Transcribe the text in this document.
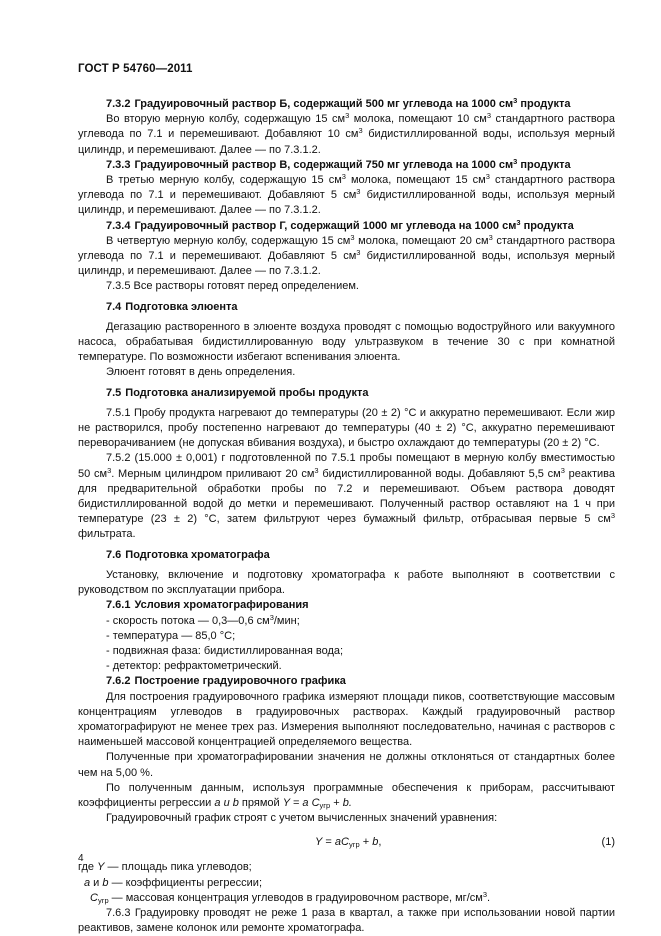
ГОСТ Р 54760—2011

7.3.2 Градуировочный раствор Б, содержащий 500 мг углевода на 1000 $см^3$ продукта

Во вторую мерную колбу, содержащую 15 $см^3$ молока, помещают 10 $см^3$ стандартного раствора углевода по 7.1 и перемешивают. Добавляют 10 $см^3$ бидистиллированной воды, используя мерный цилиндр, и перемешивают. Далее — по 7.3.1.2.

7.3.3 Градуировочный раствор В, содержащий 750 мг углевода на 1000 $см^3$ продукта

В третью мерную колбу, содержащую 15 $см^3$ молока, помещают 15 $см^3$ стандартного раствора углевода по 7.1 и перемешивают. Добавляют 5 $см^3$ бидистиллированной воды, используя мерный цилиндр, и перемешивают. Далее — по 7.3.1.2.

7.3.4 Градуировочный раствор Г, содержащий 1000 мг углевода на 1000 $см^3$ продукта

В четвертую мерную колбу, содержащую 15 $см^3$ молока, помещают 20 $см^3$ стандартного раствора углевода по 7.1 и перемешивают. Добавляют 5 $см^3$ бидистиллированной воды, используя мерный цилиндр, и перемешивают. Далее — по 7.3.1.2.

7.3.5 Все растворы готовят перед определением.

7.4 Подготовка элюента

Дегазацию растворенного в элюенте воздуха проводят с помощью водоструйного или вакуумного насоса, обрабатывая бидистиллированную воду ультразвуком в течение 30 с при комнатной температуре. По возможности избегают вспенивания элюента.

Элюент готовят в день определения.

7.5 Подготовка анализируемой пробы продукта

7.5.1 Пробу продукта нагревают до температуры (20 ± 2) °С и аккуратно перемешивают. Если жир не растворился, пробу постепенно нагревают до температуры (40 ± 2) °С, аккуратно перемешивают переворачиванием (не допуская вбивания воздуха), и быстро охлаждают до температуры (20 ± 2) °С.

7.5.2 (15.000 ± 0,001) г подготовленной по 7.5.1 пробы помещают в мерную колбу вместимостью 50 $см^3$. Мерным цилиндром приливают 20 $см^3$ бидистиллированной воды. Добавляют 5,5 $см^3$ реактива для предварительной обработки пробы по 7.2 и перемешивают. Объем раствора доводят бидистиллированной водой до метки и перемешивают. Полученный раствор оставляют на 1 ч при температуре (23 ± 2) °С, затем фильтруют через бумажный фильтр, отбрасывая первые 5 $см^3$ фильтрата.

7.6 Подготовка хроматографа

Установку, включение и подготовку хроматографа к работе выполняют в соответствии с руководством по эксплуатации прибора.

7.6.1 Условия хроматографирования

- скорость потока — 0,3—0,6 $см^3$/мин;

- температура — 85,0 °С;

- подвижная фаза: бидистиллированная вода;

- детектор: рефрактометрический.

7.6.2 Построение градуировочного графика

Для построения градуировочного графика измеряют площади пиков, соответствующие массовым концентрациям углеводов в градуировочных растворах. Каждый градуировочный раствор хроматографируют не менее трех раз. Измерения выполняют последовательно, начиная с растворов с наименьшей массовой концентрацией определяемого вещества.

Полученные при хроматографировании значения не должны отклоняться от стандартных более чем на 5,00 %.

По полученным данным, используя программные обеспечения к приборам, рассчитывают коэффициенты регрессии a и b прямой Y = a $C_{угр} + b$.

Градуировочный график строят с учетом вычисленных значений уравнения:

$Y = aC_{угр} + b$,	(1)

где Y — площадь пика углеводов;

a и b — коэффициенты регрессии;

$C_{угр}$ — массовая концентрация углеводов в градуировочном растворе, $мг/см^3$.

7.6.3 Градуировку проводят не реже 1 раза в квартал, а также при использовании новой партии реактивов, замене колонок или ремонте хроматографа.

4
